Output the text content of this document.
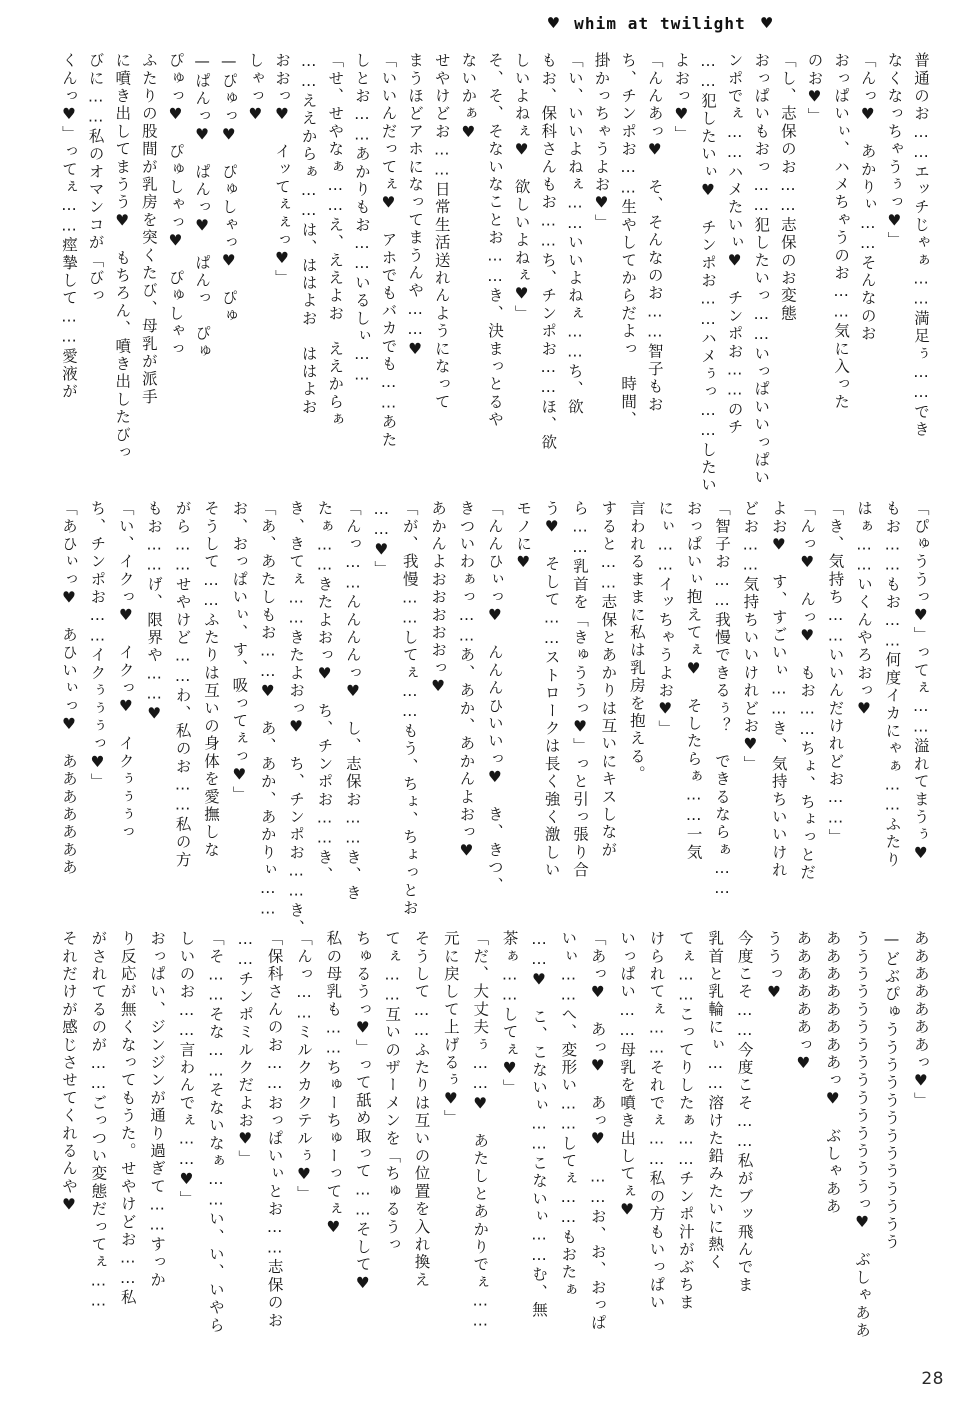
♥ whim at twilight ♥
普通のお……エッチじゃぁ……満足ぅ……でき
なくなっちゃうぅっ♥」
「んっ♥　あかりぃ……そんなのお
おっぱいぃ、ハメちゃうのお……気に入った
のお♥」
「し、志保のお……志保のお変態
おっぱいもおっ……犯したいっ……いっぱいいっぱい
ンポでぇ……ハメたいぃ♥　チンポお……のチ
……犯したいぃ♥　チンポお……ハメぅっ……したい
よおっ♥」
「んんあっ♥　そ、そんなのお……智子もお
ち、チンポお……生やしてからだよっ　時間、
掛かっちゃうよお♥」
「い、いいよねぇ……いいよねぇ……ち、欲
もお、保科さんもお……ち、チンポお……ほ、欲
しいよねぇ♥　欲しいよねぇ♥」
そ、そ、そないなことお……き、決まっとるや
ないかぁ♥
せやけどお……日常生活送れんようになって
まうほどアホになってまうんや……♥
「いいんだってぇ♥　アホでもバカでも……あた
しとお……あかりもお……いるしぃ……
「せ、せやなぁ……え、ええよお　ええからぁ
……ええからぁ……は、ははよお　ははよお
おおっ♥　イッてぇぇっ♥」
しゃっ♥
—ぴゅっ♥　ぴゅしゃっ♥　ぴゅ
—ぱんっ♥　ぱんっ♥　ぱんっ　ぴゅ
ぴゅっ♥　ぴゅしゃっ♥　ぴゅしゃっ
ふたりの股間が乳房を突くたび、母乳が派手
に噴き出してまうう♥　もちろん、噴き出したびっ
びに……私のオマンコが「びっ
くんっ♥」ってぇ……痙摯して……愛液が
「ぴゅううっ♥」ってぇ……溢れてまうぅ♥
もお……もお……何度イカにゃぁ……ふたり
はぁ……いくんやろおっ♥
「き、気持ち……いいんだけれどお……」
「んっ♥　んっ♥　もお……ちょ、ちょっとだ
よお♥　す、すごいぃ……き、気持ちいいけれ
どお……気持ちいいけれどお♥」
「智子お……我慢できるぅ？　できるならぁ……
おっぱいぃ抱えてぇ♥　そしたらぁ……一気
にぃ……イッちゃうよお♥」
言われるままに私は乳房を抱える。
すると……志保とあかりは互いにキスしなが
ら……乳首を「きゅううっ♥」っと引っ張り合
う♥　そして……ストロークは長く強く激しい
モノに♥
「んんひぃっ♥　んんんひいいっ♥　き、きつ、
きついわぁっ……あ、あか、あかんよおっ♥
あかんよおおおおおっ♥
「が、我慢……してぇ……もう、ちょ、ちょっとお
……♥」
「んっ……んんんんっ♥　し、志保お……き、き
たぁ……きたよおっ♥　ち、チンポお……き、
き、きてぇ……きたよおっ♥　ち、チンポお……き、
「あ、あたしもお……♥　あ、あか、あかりぃ……
お、おっぱいぃ、す、吸ってぇっ♥」
そうして……ふたりは互いの身体を愛撫しな
がら……せやけど……わ、私のお……私の方
もお……げ、限界や……♥
「い、イクっ♥　イクっ♥　イクぅぅぅっ
ち、チンポお……イクぅぅぅっ♥」
「あひぃっ♥　あひいぃっ♥　あああああああ
あああああああっ♥」
—どぶぴゅううううううううううううう
うううううううううううううううっ♥　ぶしゃああ
ああああああああっ♥　ぶしゃああ
ああああああっ♥
ううっ♥
今度こそ……今度こそ……私がブッ飛んでま
乳首と乳輪にぃ……溶けた鉛みたいに熱く
てぇ……こってりしたぁ……チンポ汁がぶちま
けられてぇ……それでぇ……私の方もいっぱい
いっぱい……母乳を噴き出してぇ♥
「あっ♥　あっ♥　あっ♥　……お、お、おっぱ
いぃ……へ、変形い……してぇ……もおたぁ
……♥　こ、こないぃ……こないぃ……む、無
茶ぁ……してぇ♥」
「だ、大丈夫ぅ……♥　あたしとあかりでぇ……
元に戻して上げるぅ♥」
そうして……ふたりは互いの位置を入れ換え
てぇ……互いのザーメンを「ちゅるうっ
ちゅるうっ♥」って舐め取って……そして♥
私の母乳も……ちゅーちゅーってぇ♥
「んっ……ミルクカクテルぅ♥」
「保科さんのお……おっぱいぃとお……志保のお
……チンポミルクだよお♥」
「そ……そな……そないなぁ……い、い、いやら
しいのお……言わんでぇ……♥」
おっぱい、ジンジンが通り過ぎて……すっか
り反応が無くなってもうた。せやけどお……私
がされてるのが……ごっつい変態だってぇ……
それだけが感じさせてくれるんや♥
28
